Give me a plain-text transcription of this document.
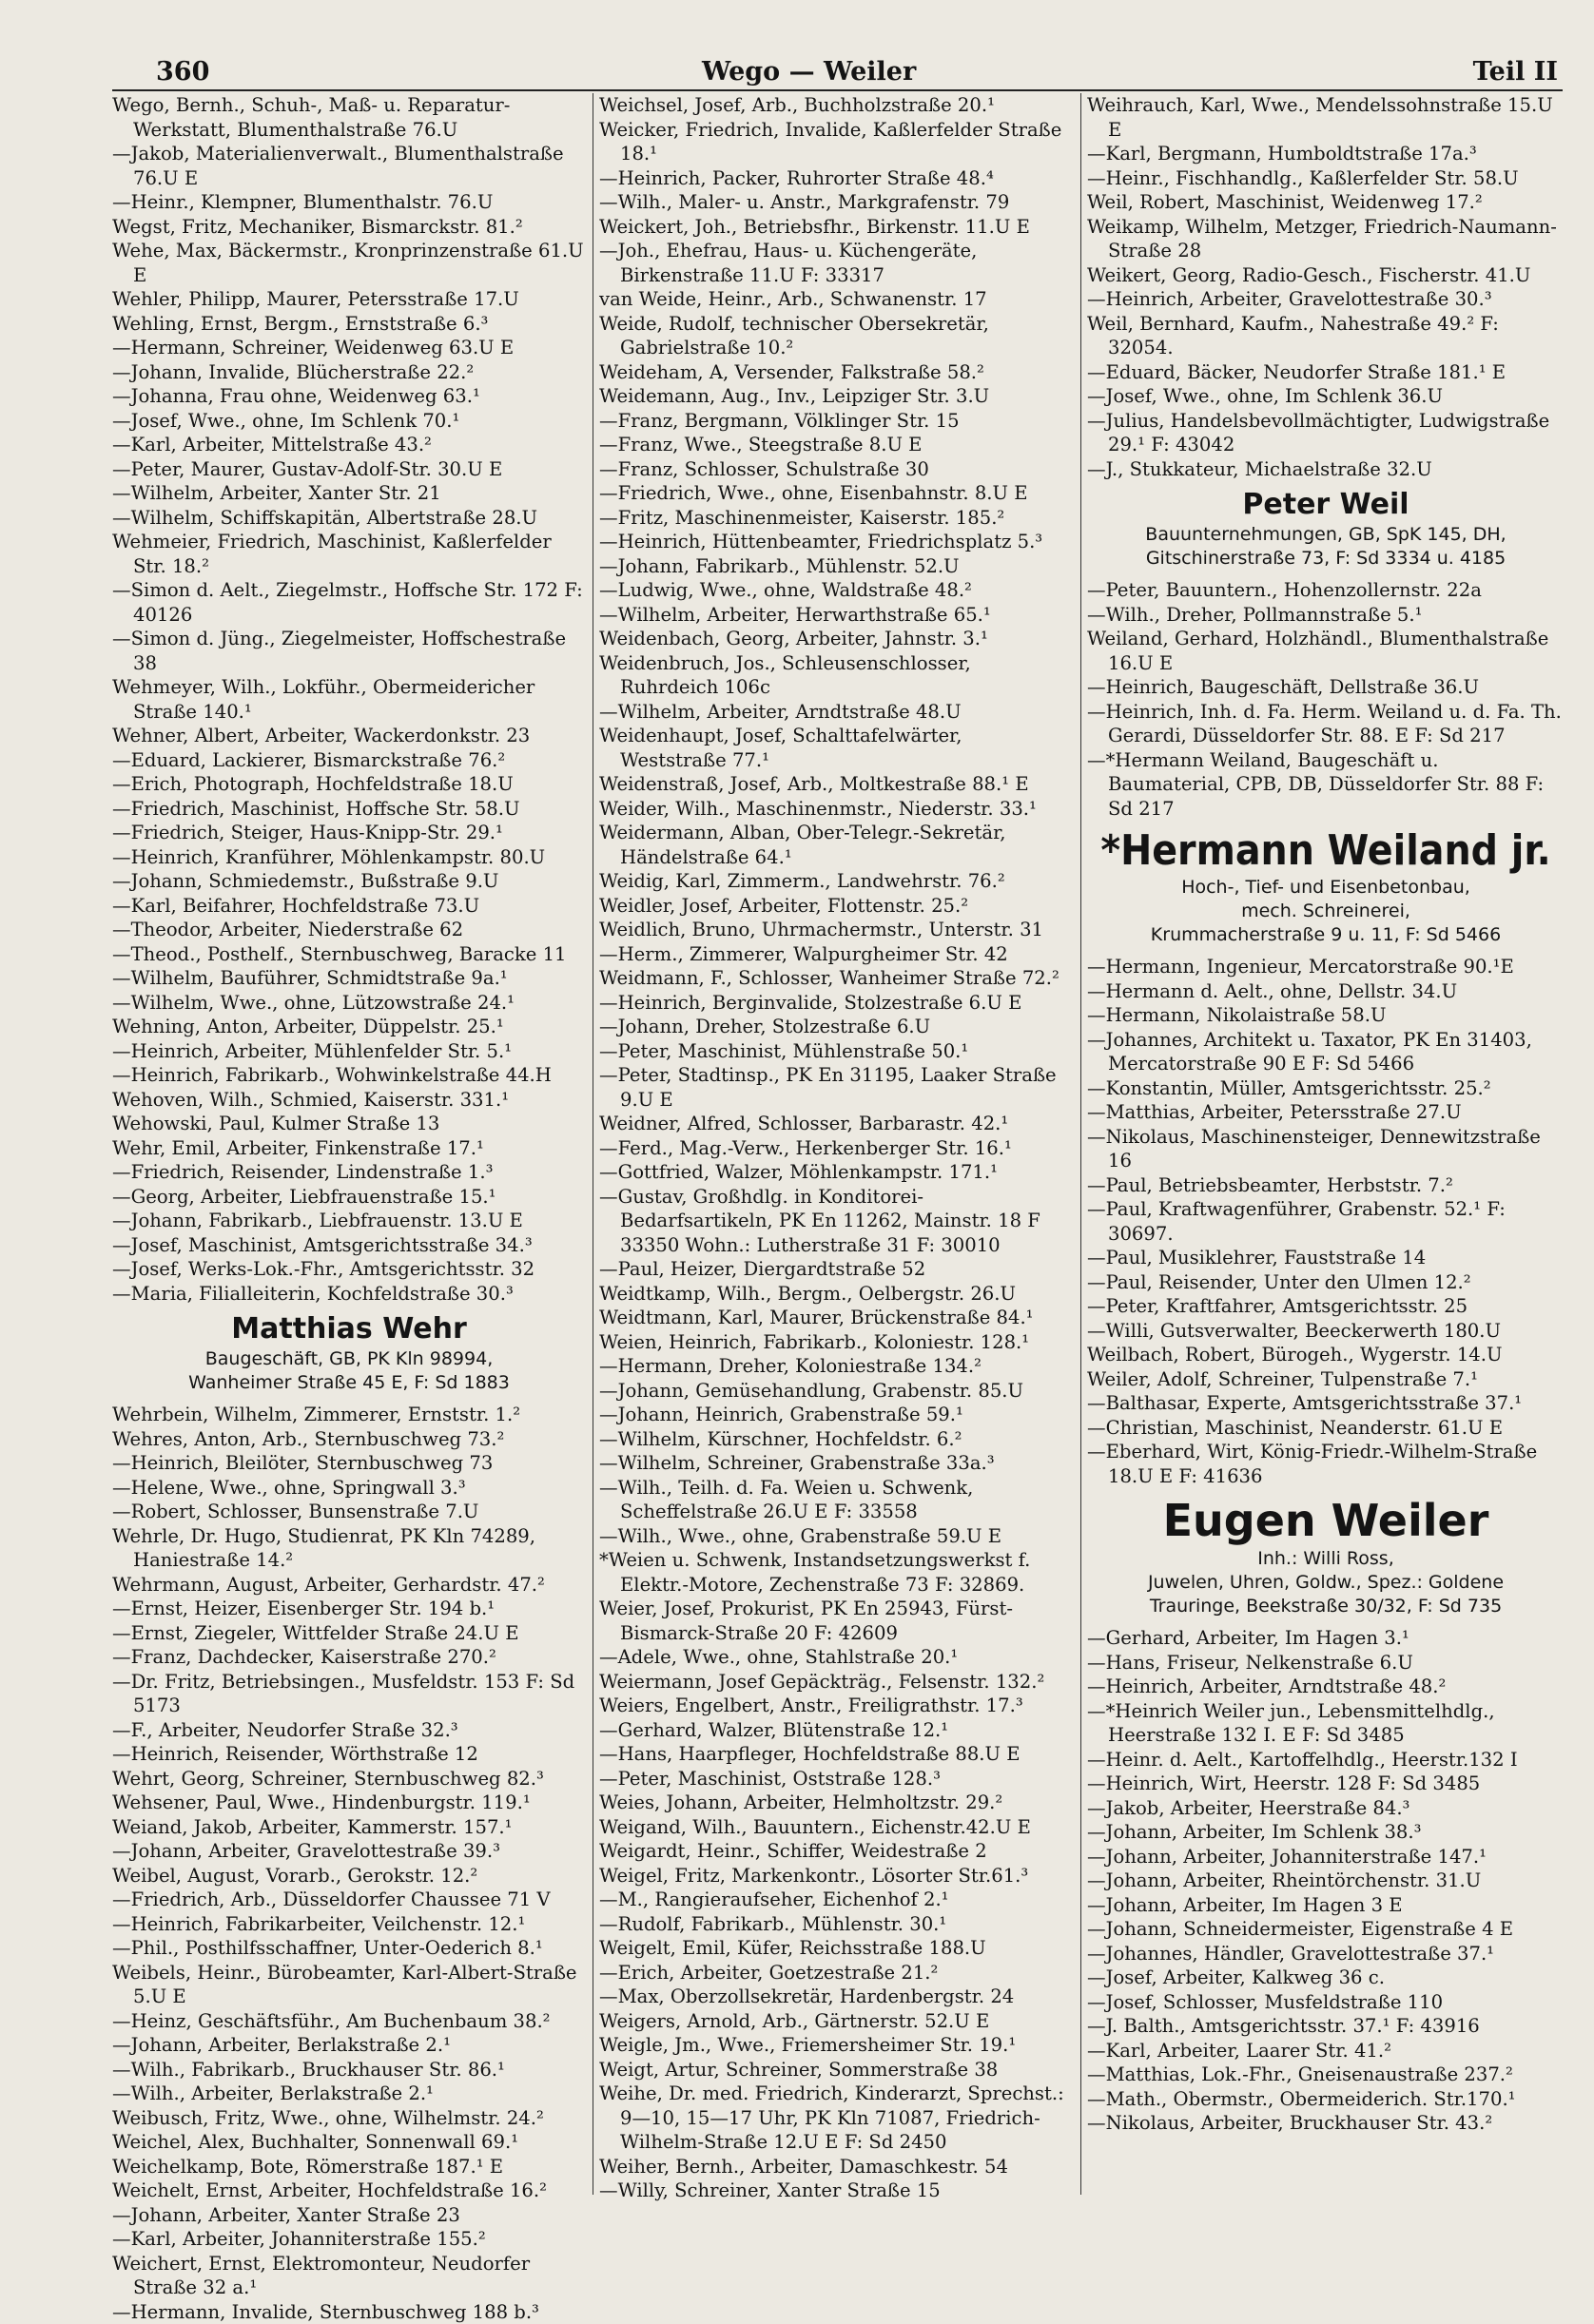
360	Wego — Weiler	Teil II
Wego, Bernh., Schuh-, Maß- u. Reparatur-Werkstatt, Blumenthalstraße 76.U
—Jakob, Materialienverwalt., Blumenthalstraße 76.U E
—Heinr., Klempner, Blumenthalstr. 76.U
Wegst, Fritz, Mechaniker, Bismarckstr. 81.²
Wehe, Max, Bäckermstr., Kronprinzenstraße 61.U E
Wehler, Philipp, Maurer, Petersstraße 17.U
Wehling, Ernst, Bergm., Ernststraße 6.³
—Hermann, Schreiner, Weidenweg 63.U E
—Johann, Invalide, Blücherstraße 22.²
—Johanna, Frau ohne, Weidenweg 63.¹
—Josef, Wwe., ohne, Im Schlenk 70.¹
—Karl, Arbeiter, Mittelstraße 43.²
—Peter, Maurer, Gustav-Adolf-Str. 30.U E
—Wilhelm, Arbeiter, Xanter Str. 21
—Wilhelm, Schiffskapitän, Albertstraße 28.U
Wehmeier, Friedrich, Maschinist, Kaßlerfelder Str. 18.²
—Simon d. Aelt., Ziegelmstr., Hoffsche Str. 172 F: 40126
—Simon d. Jüng., Ziegelmeister, Hoffschestraße 38
Wehmeyer, Wilh., Lokführ., Obermeidericher Straße 140.¹
Wehner, Albert, Arbeiter, Wackerdonkstr. 23
—Eduard, Lackierer, Bismarckstraße 76.²
—Erich, Photograph, Hochfeldstraße 18.U
—Friedrich, Maschinist, Hoffsche Str. 58.U
—Friedrich, Steiger, Haus-Knipp-Str. 29.¹
—Heinrich, Kranführer, Möhlenkampstr. 80.U
—Johann, Schmiedemstr., Bußstraße 9.U
—Karl, Beifahrer, Hochfeldstraße 73.U
—Theodor, Arbeiter, Niederstraße 62
—Theod., Posthelf., Sternbuschweg, Baracke 11
—Wilhelm, Bauführer, Schmidtstraße 9a.¹
—Wilhelm, Wwe., ohne, Lützowstraße 24.¹
Wehning, Anton, Arbeiter, Düppelstr. 25.¹
—Heinrich, Arbeiter, Mühlenfelder Str. 5.¹
—Heinrich, Fabrikarb., Wohwinkelstraße 44.H
Wehoven, Wilh., Schmied, Kaiserstr. 331.¹
Wehowski, Paul, Kulmer Straße 13
Wehr, Emil, Arbeiter, Finkenstraße 17.¹
—Friedrich, Reisender, Lindenstraße 1.³
—Georg, Arbeiter, Liebfrauenstraße 15.¹
—Johann, Fabrikarb., Liebfrauenstr. 13.U E
—Josef, Maschinist, Amtsgerichtsstraße 34.³
—Josef, Werks-Lok.-Fhr., Amtsgerichtsstr. 32
—Maria, Filialleiterin, Kochfeldstraße 30.³
Matthias Wehr
Baugeschäft, GB, PK Kln 98994,
Wanheimer Straße 45 E, F: Sd 1883
Wehrbein, Wilhelm, Zimmerer, Ernststr. 1.²
Wehres, Anton, Arb., Sternbuschweg 73.²
—Heinrich, Bleilöter, Sternbuschweg 73
—Helene, Wwe., ohne, Springwall 3.³
—Robert, Schlosser, Bunsenstraße 7.U
Wehrle, Dr. Hugo, Studienrat, PK Kln 74289, Haniestraße 14.²
Wehrmann, August, Arbeiter, Gerhardstr. 47.²
—Ernst, Heizer, Eisenberger Str. 194 b.¹
—Ernst, Ziegeler, Wittfelder Straße 24.U E
—Franz, Dachdecker, Kaiserstraße 270.²
—Dr. Fritz, Betriebsingen., Musfeldstr. 153 F: Sd 5173
—F., Arbeiter, Neudorfer Straße 32.³
—Heinrich, Reisender, Wörthstraße 12
Wehrt, Georg, Schreiner, Sternbuschweg 82.³
Wehsener, Paul, Wwe., Hindenburgstr. 119.¹
Weiand, Jakob, Arbeiter, Kammerstr. 157.¹
—Johann, Arbeiter, Gravelottestraße 39.³
Weibel, August, Vorarb., Gerokstr. 12.²
—Friedrich, Arb., Düsseldorfer Chaussee 71 V
—Heinrich, Fabrikarbeiter, Veilchenstr. 12.¹
—Phil., Posthilfsschaffner, Unter-Oederich 8.¹
Weibels, Heinr., Bürobeamter, Karl-Albert-Straße 5.U E
—Heinz, Geschäftsführ., Am Buchenbaum 38.²
—Johann, Arbeiter, Berlakstraße 2.¹
—Wilh., Fabrikarb., Bruckhauser Str. 86.¹
—Wilh., Arbeiter, Berlakstraße 2.¹
Weibusch, Fritz, Wwe., ohne, Wilhelmstr. 24.²
Weichel, Alex, Buchhalter, Sonnenwall 69.¹
Weichelkamp, Bote, Römerstraße 187.¹ E
Weichelt, Ernst, Arbeiter, Hochfeldstraße 16.²
—Johann, Arbeiter, Xanter Straße 23
—Karl, Arbeiter, Johanniterstraße 155.²
Weichert, Ernst, Elektromonteur, Neudorfer Straße 32 a.¹
—Hermann, Invalide, Sternbuschweg 188 b.³
Weichsel, Josef, Arb., Buchholzstraße 20.¹
Weicker, Friedrich, Invalide, Kaßlerfelder Straße 18.¹
—Heinrich, Packer, Ruhrorter Straße 48.⁴
—Wilh., Maler- u. Anstr., Markgrafenstr. 79
Weickert, Joh., Betriebsfhr., Birkenstr. 11.U E
—Joh., Ehefrau, Haus- u. Küchengeräte, Birkenstraße 11.U F: 33317
van Weide, Heinr., Arb., Schwanenstr. 17
Weide, Rudolf, technischer Obersekretär, Gabrielstraße 10.²
Weideham, A, Versender, Falkstraße 58.²
Weidemann, Aug., Inv., Leipziger Str. 3.U
—Franz, Bergmann, Völklinger Str. 15
—Franz, Wwe., Steegstraße 8.U E
—Franz, Schlosser, Schulstraße 30
—Friedrich, Wwe., ohne, Eisenbahnstr. 8.U E
—Fritz, Maschinenmeister, Kaiserstr. 185.²
—Heinrich, Hüttenbeamter, Friedrichsplatz 5.³
—Johann, Fabrikarb., Mühlenstr. 52.U
—Ludwig, Wwe., ohne, Waldstraße 48.²
—Wilhelm, Arbeiter, Herwarthstraße 65.¹
Weidenbach, Georg, Arbeiter, Jahnstr. 3.¹
Weidenbruch, Jos., Schleusenschlosser, Ruhrdeich 106c
—Wilhelm, Arbeiter, Arndtstraße 48.U
Weidenhaupt, Josef, Schalttafelwärter, Weststraße 77.¹
Weidenstraß, Josef, Arb., Moltkestraße 88.¹ E
Weider, Wilh., Maschinenmstr., Niederstr. 33.¹
Weidermann, Alban, Ober-Telegr.-Sekretär, Händelstraße 64.¹
Weidig, Karl, Zimmerm., Landwehrstr. 76.²
Weidler, Josef, Arbeiter, Flottenstr. 25.²
Weidlich, Bruno, Uhrmachermstr., Unterstr. 31
—Herm., Zimmerer, Walpurgheimer Str. 42
Weidmann, F., Schlosser, Wanheimer Straße 72.²
—Heinrich, Berginvalide, Stolzestraße 6.U E
—Johann, Dreher, Stolzestraße 6.U
—Peter, Maschinist, Mühlenstraße 50.¹
—Peter, Stadtinsp., PK En 31195, Laaker Straße 9.U E
Weidner, Alfred, Schlosser, Barbarastr. 42.¹
—Ferd., Mag.-Verw., Herkenberger Str. 16.¹
—Gottfried, Walzer, Möhlenkampstr. 171.¹
—Gustav, Großhdlg. in Konditorei-Bedarfsartikeln, PK En 11262, Mainstr. 18 F 33350 Wohn.: Lutherstraße 31 F: 30010
—Paul, Heizer, Diergardtstraße 52
Weidtkamp, Wilh., Bergm., Oelbergstr. 26.U
Weidtmann, Karl, Maurer, Brückenstraße 84.¹
Weien, Heinrich, Fabrikarb., Koloniestr. 128.¹
—Hermann, Dreher, Koloniestraße 134.²
—Johann, Gemüsehandlung, Grabenstr. 85.U
—Johann, Heinrich, Grabenstraße 59.¹
—Wilhelm, Kürschner, Hochfeldstr. 6.²
—Wilhelm, Schreiner, Grabenstraße 33a.³
—Wilh., Teilh. d. Fa. Weien u. Schwenk, Scheffelstraße 26.U E F: 33558
—Wilh., Wwe., ohne, Grabenstraße 59.U E
*Weien u. Schwenk, Instandsetzungswerkst f. Elektr.-Motore, Zechenstraße 73 F: 32869.
Weier, Josef, Prokurist, PK En 25943, Fürst-Bismarck-Straße 20 F: 42609
—Adele, Wwe., ohne, Stahlstraße 20.¹
Weiermann, Josef Gepäckträg., Felsenstr. 132.²
Weiers, Engelbert, Anstr., Freiligrathstr. 17.³
—Gerhard, Walzer, Blütenstraße 12.¹
—Hans, Haarpfleger, Hochfeldstraße 88.U E
—Peter, Maschinist, Oststraße 128.³
Weies, Johann, Arbeiter, Helmholtzstr. 29.²
Weigand, Wilh., Bauuntern., Eichenstr.42.U E
Weigardt, Heinr., Schiffer, Weidestraße 2
Weigel, Fritz, Markenkontr., Lösorter Str.61.³
—M., Rangieraufseher, Eichenhof 2.¹
—Rudolf, Fabrikarb., Mühlenstr. 30.¹
Weigelt, Emil, Küfer, Reichsstraße 188.U
—Erich, Arbeiter, Goetzestraße 21.²
—Max, Oberzollsekretär, Hardenbergstr. 24
Weigers, Arnold, Arb., Gärtnerstr. 52.U E
Weigle, Jm., Wwe., Friemersheimer Str. 19.¹
Weigt, Artur, Schreiner, Sommerstraße 38
Weihe, Dr. med. Friedrich, Kinderarzt, Sprechst.: 9—10, 15—17 Uhr, PK Kln 71087, Friedrich-Wilhelm-Straße 12.U E F: Sd 2450
Weiher, Bernh., Arbeiter, Damaschkestr. 54
—Willy, Schreiner, Xanter Straße 15
Weihrauch, Karl, Wwe., Mendelssohnstraße 15.U E
—Karl, Bergmann, Humboldtstraße 17a.³
—Heinr., Fischhandlg., Kaßlerfelder Str. 58.U
Weil, Robert, Maschinist, Weidenweg 17.²
Weikamp, Wilhelm, Metzger, Friedrich-Naumann-Straße 28
Weikert, Georg, Radio-Gesch., Fischerstr. 41.U
—Heinrich, Arbeiter, Gravelottestraße 30.³
Weil, Bernhard, Kaufm., Nahestraße 49.² F: 32054.
—Eduard, Bäcker, Neudorfer Straße 181.¹ E
—Josef, Wwe., ohne, Im Schlenk 36.U
—Julius, Handelsbevollmächtigter, Ludwigstraße 29.¹ F: 43042
—J., Stukkateur, Michaelstraße 32.U
Peter Weil
Bauunternehmungen, GB, SpK 145, DH,
Gitschinerstraße 73, F: Sd 3334 u. 4185
—Peter, Bauuntern., Hohenzollernstr. 22a
—Wilh., Dreher, Pollmannstraße 5.¹
Weiland, Gerhard, Holzhändl., Blumenthalstraße 16.U E
—Heinrich, Baugeschäft, Dellstraße 36.U
—Heinrich, Inh. d. Fa. Herm. Weiland u. d. Fa. Th. Gerardi, Düsseldorfer Str. 88. E F: Sd 217
—*Hermann Weiland, Baugeschäft u. Baumaterial, CPB, DB, Düsseldorfer Str. 88 F: Sd 217
*Hermann Weiland jr.
Hoch-, Tief- und Eisenbetonbau,
mech. Schreinerei,
Krummacherstraße 9 u. 11, F: Sd 5466
—Hermann, Ingenieur, Mercatorstraße 90.¹E
—Hermann d. Aelt., ohne, Dellstr. 34.U
—Hermann, Nikolaistraße 58.U
—Johannes, Architekt u. Taxator, PK En 31403, Mercatorstraße 90 E F: Sd 5466
—Konstantin, Müller, Amtsgerichtsstr. 25.²
—Matthias, Arbeiter, Petersstraße 27.U
—Nikolaus, Maschinensteiger, Dennewitzstraße 16
—Paul, Betriebsbeamter, Herbststr. 7.²
—Paul, Kraftwagenführer, Grabenstr. 52.¹ F: 30697.
—Paul, Musiklehrer, Fauststraße 14
—Paul, Reisender, Unter den Ulmen 12.²
—Peter, Kraftfahrer, Amtsgerichtsstr. 25
—Willi, Gutsverwalter, Beeckerwerth 180.U
Weilbach, Robert, Bürogeh., Wygerstr. 14.U
Weiler, Adolf, Schreiner, Tulpenstraße 7.¹
—Balthasar, Experte, Amtsgerichtsstraße 37.¹
—Christian, Maschinist, Neanderstr. 61.U E
—Eberhard, Wirt, König-Friedr.-Wilhelm-Straße 18.U E F: 41636
Eugen Weiler
Inh.: Willi Ross,
Juwelen, Uhren, Goldw., Spez.: Goldene
Trauringe, Beekstraße 30/32, F: Sd 735
—Gerhard, Arbeiter, Im Hagen 3.¹
—Hans, Friseur, Nelkenstraße 6.U
—Heinrich, Arbeiter, Arndtstraße 48.²
—*Heinrich Weiler jun., Lebensmittelhdlg., Heerstraße 132 I. E F: Sd 3485
—Heinr. d. Aelt., Kartoffelhdlg., Heerstr.132 I
—Heinrich, Wirt, Heerstr. 128 F: Sd 3485
—Jakob, Arbeiter, Heerstraße 84.³
—Johann, Arbeiter, Im Schlenk 38.³
—Johann, Arbeiter, Johanniterstraße 147.¹
—Johann, Arbeiter, Rheintörchenstr. 31.U
—Johann, Arbeiter, Im Hagen 3 E
—Johann, Schneidermeister, Eigenstraße 4 E
—Johannes, Händler, Gravelottestraße 37.¹
—Josef, Arbeiter, Kalkweg 36 c.
—Josef, Schlosser, Musfeldstraße 110
—J. Balth., Amtsgerichtsstr. 37.¹ F: 43916
—Karl, Arbeiter, Laarer Str. 41.²
—Matthias, Lok.-Fhr., Gneisenaustraße 237.²
—Math., Obermstr., Obermeiderich. Str.170.¹
—Nikolaus, Arbeiter, Bruckhauser Str. 43.²
